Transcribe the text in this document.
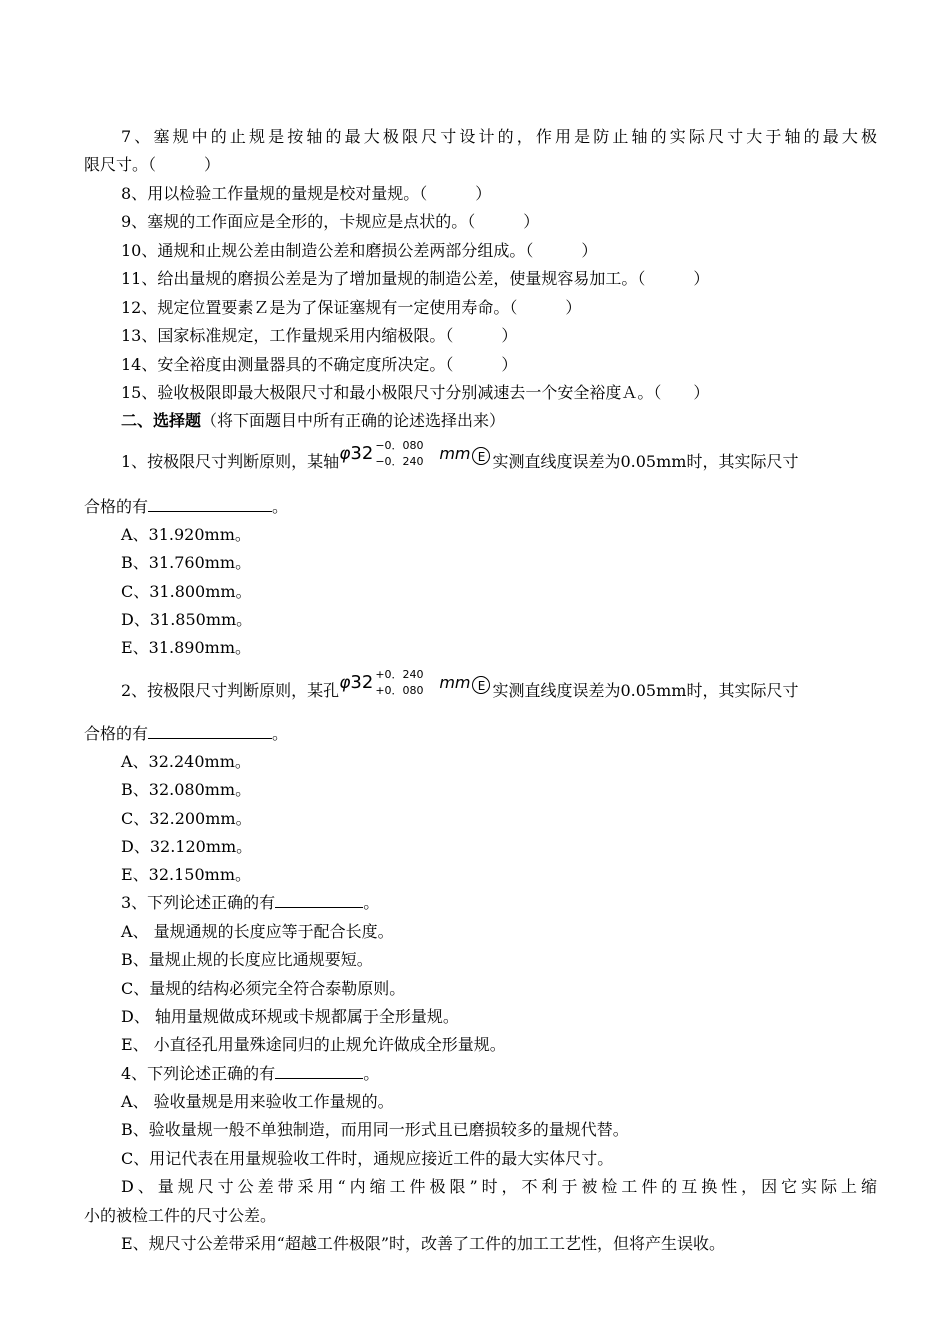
7、塞规中的止规是按轴的最大极限尺寸设计的，作用是防止轴的实际尺寸大于轴的最大极
限尺寸。（　　　）
8、用以检验工作量规的量规是校对量规。（　　　）
9、塞规的工作面应是全形的，卡规应是点状的。（　　　）
10、通规和止规公差由制造公差和磨损公差两部分组成。（　　　）
11、给出量规的磨损公差是为了增加量规的制造公差，使量规容易加工。（　　　）
12、规定位置要素Ｚ是为了保证塞规有一定使用寿命。（　　　）
13、国家标准规定，工作量规采用内缩极限。（　　　）
14、安全裕度由测量器具的不确定度所决定。（　　　）
15、验收极限即最大极限尺寸和最小极限尺寸分别减速去一个安全裕度Ａ。（　　）
二、选择题（将下面题目中所有正确的论述选择出来）
1、按极限尺寸判断原则，某轴φ32 −0．080
−0．240 mm E 实测直线度误差为0.05mm时，其实际尺寸
合格的有	。
A、31.920mm。
B、31.760mm。
C、31.800mm。
D、31.850mm。
E、31.890mm。
2、按极限尺寸判断原则，某孔φ32 +0．240
+0．080 mm E 实测直线度误差为0.05mm时，其实际尺寸
合格的有	。
A、32.240mm。
B、32.080mm。
C、32.200mm。
D、32.120mm。
E、32.150mm。
3、下列论述正确的有	。
A、 量规通规的长度应等于配合长度。
B、量规止规的长度应比通规要短。
C、量规的结构必须完全符合泰勒原则。
D、 轴用量规做成环规或卡规都属于全形量规。
E、 小直径孔用量殊途同归的止规允许做成全形量规。
4、下列论述正确的有	。
A、 验收量规是用来验收工作量规的。
B、验收量规一般不单独制造，而用同一形式且已磨损较多的量规代替。
C、用记代表在用量规验收工件时，通规应接近工件的最大实体尺寸。
D、量规尺寸公差带采用“内缩工件极限”时，不利于被检工件的互换性，因它实际上缩
小的被检工件的尺寸公差。
E、规尺寸公差带采用“超越工件极限”时，改善了工件的加工工艺性，但将产生误收。
